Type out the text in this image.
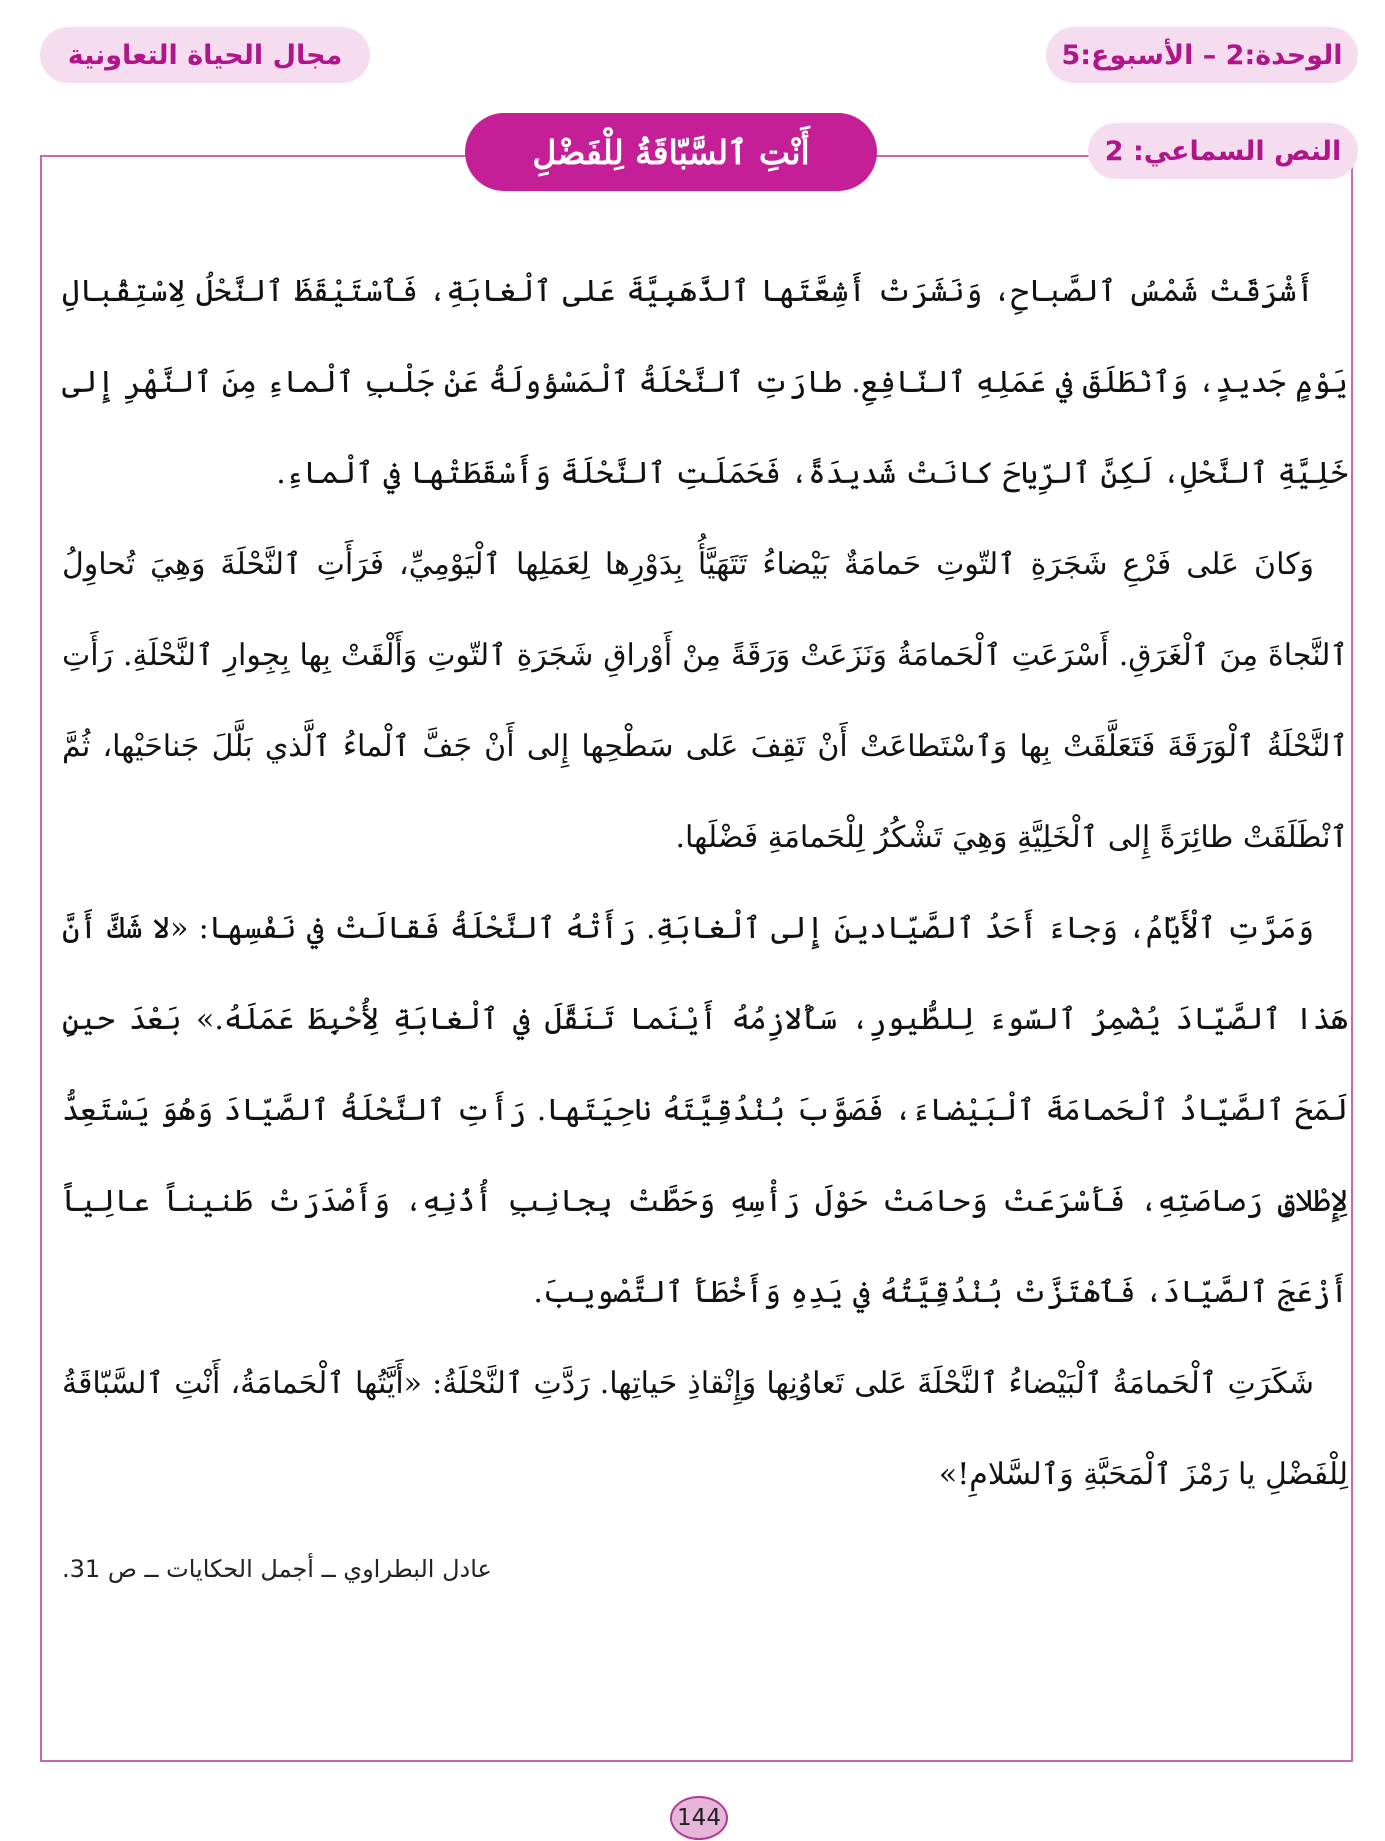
الوحدة:2 – الأسبوع:5
مجال الحياة التعاونية
النص السماعي: 2
أَنْتِ ٱلسَّبّاقَةُ لِلْفَضْلِ

أَشْرَقَتْ شَمْسُ ٱلصَّباحِ، وَنَشَرَتْ أَشِعَّتَها ٱلذَّهَبِيَّةَ عَلى ٱلْغابَةِ، فَٱسْتَيْقَظَ ٱلنَّحْلُ لِاسْتِقْبالِ يَوْمٍ جَديدٍ، وَٱنْطَلَقَ في عَمَلِهِ ٱلنّافِعِ. طارَتِ ٱلنَّحْلَةُ ٱلْمَسْؤولَةُ عَنْ جَلْبِ ٱلْماءِ مِنَ ٱلنَّهْرِ إِلى خَلِيَّةِ ٱلنَّحْلِ، لَكِنَّ ٱلرِّياحَ كانَتْ شَديدَةً، فَحَمَلَتِ ٱلنَّحْلَةَ وَأَسْقَطَتْها في ٱلْماءِ.

وَكانَ عَلى فَرْعِ شَجَرَةِ ٱلتّوتِ حَمامَةٌ بَيْضاءُ تَتَهَيَّأُ بِدَوْرِها لِعَمَلِها ٱلْيَوْمِيِّ، فَرَأَتِ ٱلنَّحْلَةَ وَهِيَ تُحاوِلُ ٱلنَّجاةَ مِنَ ٱلْغَرَقِ. أَسْرَعَتِ ٱلْحَمامَةُ وَنَزَعَتْ وَرَقَةً مِنْ أَوْراقِ شَجَرَةِ ٱلتّوتِ وَأَلْقَتْ بِها بِجِوارِ ٱلنَّحْلَةِ. رَأَتِ ٱلنَّحْلَةُ ٱلْوَرَقَةَ فَتَعَلَّقَتْ بِها وَٱسْتَطاعَتْ أَنْ تَقِفَ عَلى سَطْحِها إِلى أَنْ جَفَّ ٱلْماءُ ٱلَّذي بَلَّلَ جَناحَيْها، ثُمَّ ٱنْطَلَقَتْ طائِرَةً إِلى ٱلْخَلِيَّةِ وَهِيَ تَشْكُرُ لِلْحَمامَةِ فَضْلَها.

وَمَرَّتِ ٱلْأَيّامُ، وَجاءَ أَحَدُ ٱلصَّيّادينَ إِلى ٱلْغابَةِ. رَأَتْهُ ٱلنَّحْلَةُ فَقالَتْ في نَفْسِها: «لا شَكَّ أَنَّ هَذا ٱلصَّيّادَ يُضْمِرُ ٱلسّوءَ لِلطُّيورِ، سَأُلازِمُهُ أَيْنَما تَنَقَّلَ في ٱلْغابَةِ لِأُحْبِطَ عَمَلَهُ.» بَعْدَ حينٍ لَمَحَ ٱلصَّيّادُ ٱلْحَمامَةَ ٱلْبَيْضاءَ، فَصَوَّبَ بُنْدُقِيَّتَهُ ناحِيَتَها. رَأَتِ ٱلنَّحْلَةُ ٱلصَّيّادَ وَهُوَ يَسْتَعِدُّ لِإِطْلاقِ رَصاصَتِهِ، فَأَسْرَعَتْ وَحامَتْ حَوْلَ رَأْسِهِ وَحَطَّتْ بِجانِبِ أُذُنِهِ، وَأَصْدَرَتْ طَنيناً عالِياً أَزْعَجَ ٱلصَّيّادَ، فَٱهْتَزَّتْ بُنْدُقِيَّتُهُ في يَدِهِ وَأَخْطَأَ ٱلتَّصْويبَ.

شَكَرَتِ ٱلْحَمامَةُ ٱلْبَيْضاءُ ٱلنَّحْلَةَ عَلى تَعاوُنِها وَإِنْقاذِ حَياتِها. رَدَّتِ ٱلنَّحْلَةُ: «أَيَّتُها ٱلْحَمامَةُ، أَنْتِ ٱلسَّبّاقَةُ لِلْفَضْلِ يا رَمْزَ ٱلْمَحَبَّةِ وَٱلسَّلامِ!»

عادل البطراوي ــ أجمل الحكايات ــ ص 31.
144
